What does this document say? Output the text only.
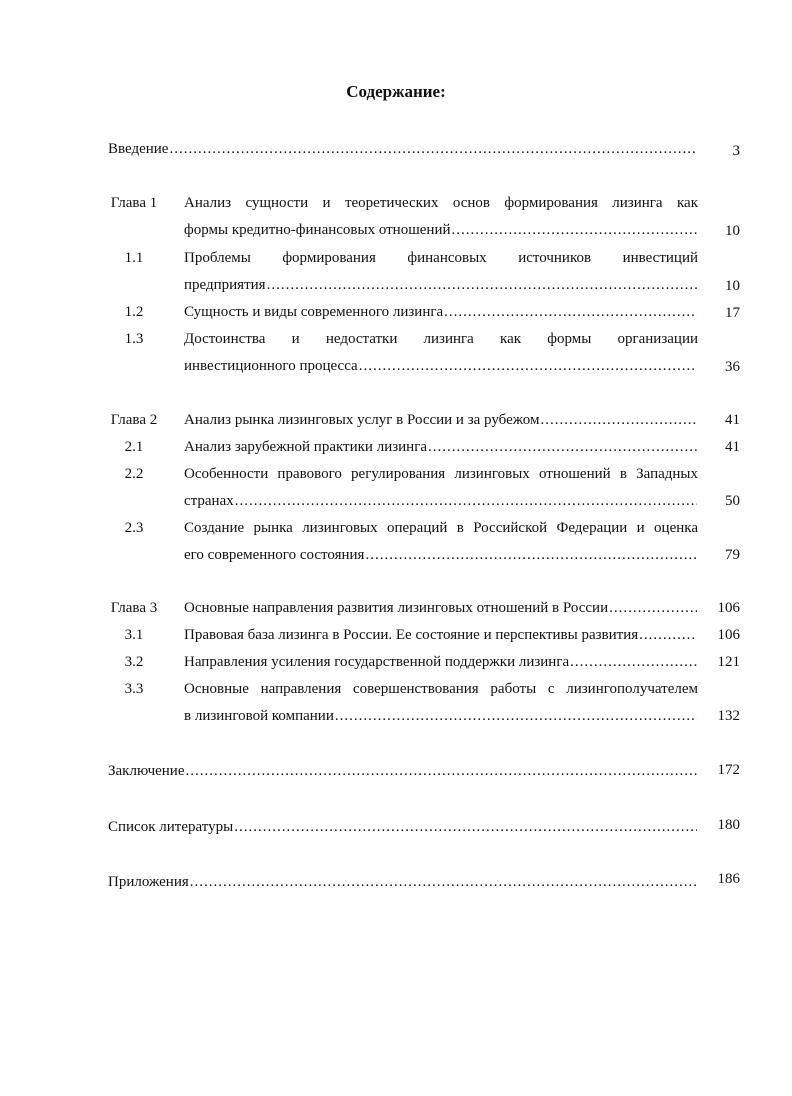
Содержание:
Введение .....	3
Глава 1	Анализ сущности и теоретических основ формирования лизинга как
формы кредитно-финансовых отношений .....	10
1.1	Проблемы формирования финансовых источников инвестиций
предприятия .....	10
1.2	Сущность и виды современного лизинга .....	17
1.3	Достоинства и недостатки лизинга как формы организации
инвестиционного процесса .....	36
Глава 2	Анализ рынка лизинговых услуг в России и за рубежом .....	41
2.1	Анализ зарубежной практики лизинга .....	41
2.2	Особенности правового регулирования лизинговых отношений в Западных
странах .....	50
2.3	Создание рынка лизинговых операций в Российской Федерации и оценка
его современного состояния .....	79
Глава 3	Основные направления развития лизинговых отношений в России .....	106
3.1	Правовая база лизинга в России. Ее состояние и перспективы развития .....	106
3.2	Направления усиления государственной поддержки лизинга .....	121
3.3	Основные направления совершенствования работы с лизингополучателем
в лизинговой компании .....	132
Заключение .....	172
Список литературы .....	180
Приложения .....	186
